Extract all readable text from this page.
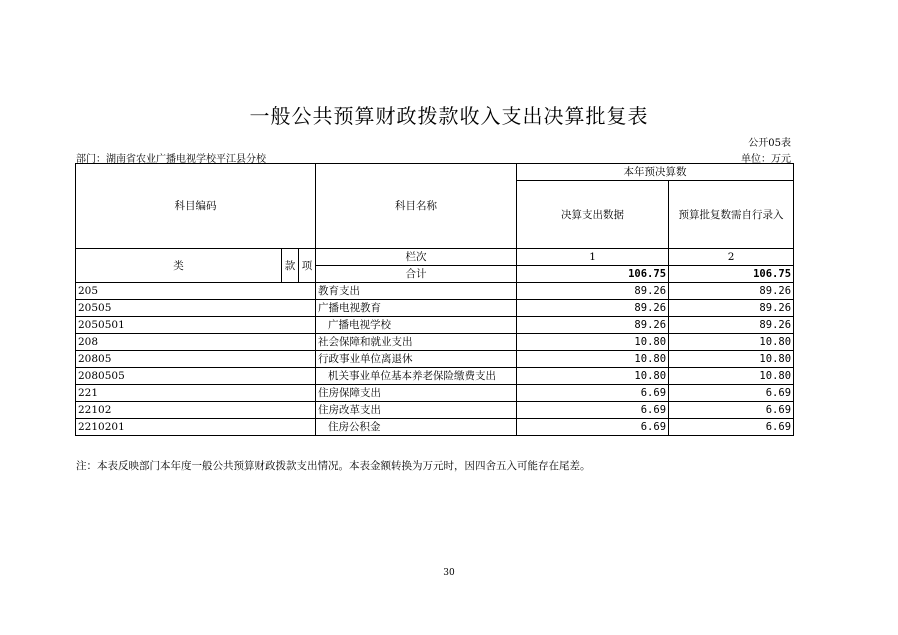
一般公共预算财政拨款收入支出决算批复表
公开05表
部门：湖南省农业广播电视学校平江县分校	单位：万元
科目编码			科目名称	本年预决算数	
				决算支出数据	预算批复数需自行录入
类	款	项	栏次	1	2
			合计	106.75	106.75
205			教育支出	89.26	89.26
20505			广播电视教育	89.26	89.26
2050501			广播电视学校	89.26	89.26
208			社会保障和就业支出	10.80	10.80
20805			行政事业单位离退休	10.80	10.80
2080505			机关事业单位基本养老保险缴费支出	10.80	10.80
221			住房保障支出	6.69	6.69
22102			住房改革支出	6.69	6.69
2210201			住房公积金	6.69	6.69
注：本表反映部门本年度一般公共预算财政拨款支出情况。本表金额转换为万元时，因四舍五入可能存在尾差。
30
